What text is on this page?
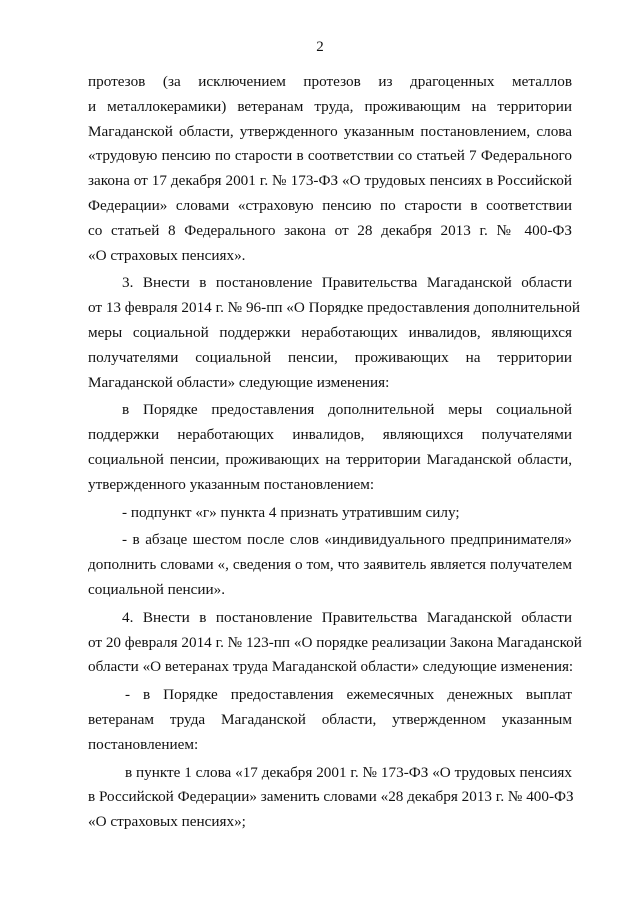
2
протезов (за исключением протезов из драгоценных металлов
и металлокерамики) ветеранам труда, проживающим на территории
Магаданской области, утвержденного указанным постановлением, слова
«трудовую пенсию по старости в соответствии со статьей 7 Федерального
закона от 17 декабря 2001 г. № 173-ФЗ «О трудовых пенсиях в Российской
Федерации» словами «страховую пенсию по старости в соответствии
со статьей 8 Федерального закона от 28 декабря 2013 г. № 400-ФЗ
«О страховых пенсиях».
3. Внести в постановление Правительства Магаданской области
от 13 февраля 2014 г. № 96-пп «О Порядке предоставления дополнительной
меры социальной поддержки неработающих инвалидов, являющихся
получателями социальной пенсии, проживающих на территории
Магаданской области» следующие изменения:
в Порядке предоставления дополнительной меры социальной
поддержки неработающих инвалидов, являющихся получателями
социальной пенсии, проживающих на территории Магаданской области,
утвержденного указанным постановлением:
- подпункт «г» пункта 4 признать утратившим силу;
- в абзаце шестом после слов «индивидуального предпринимателя»
дополнить словами «, сведения о том, что заявитель является получателем
социальной пенсии».
4. Внести в постановление Правительства Магаданской области
от 20 февраля 2014 г. № 123-пп «О порядке реализации Закона Магаданской
области «О ветеранах труда Магаданской области» следующие изменения:
- в Порядке предоставления ежемесячных денежных выплат
ветеранам труда Магаданской области, утвержденном указанным
постановлением:
в пункте 1 слова «17 декабря 2001 г. № 173-ФЗ «О трудовых пенсиях
в Российской Федерации» заменить словами «28 декабря 2013 г. № 400-ФЗ
«О страховых пенсиях»;
